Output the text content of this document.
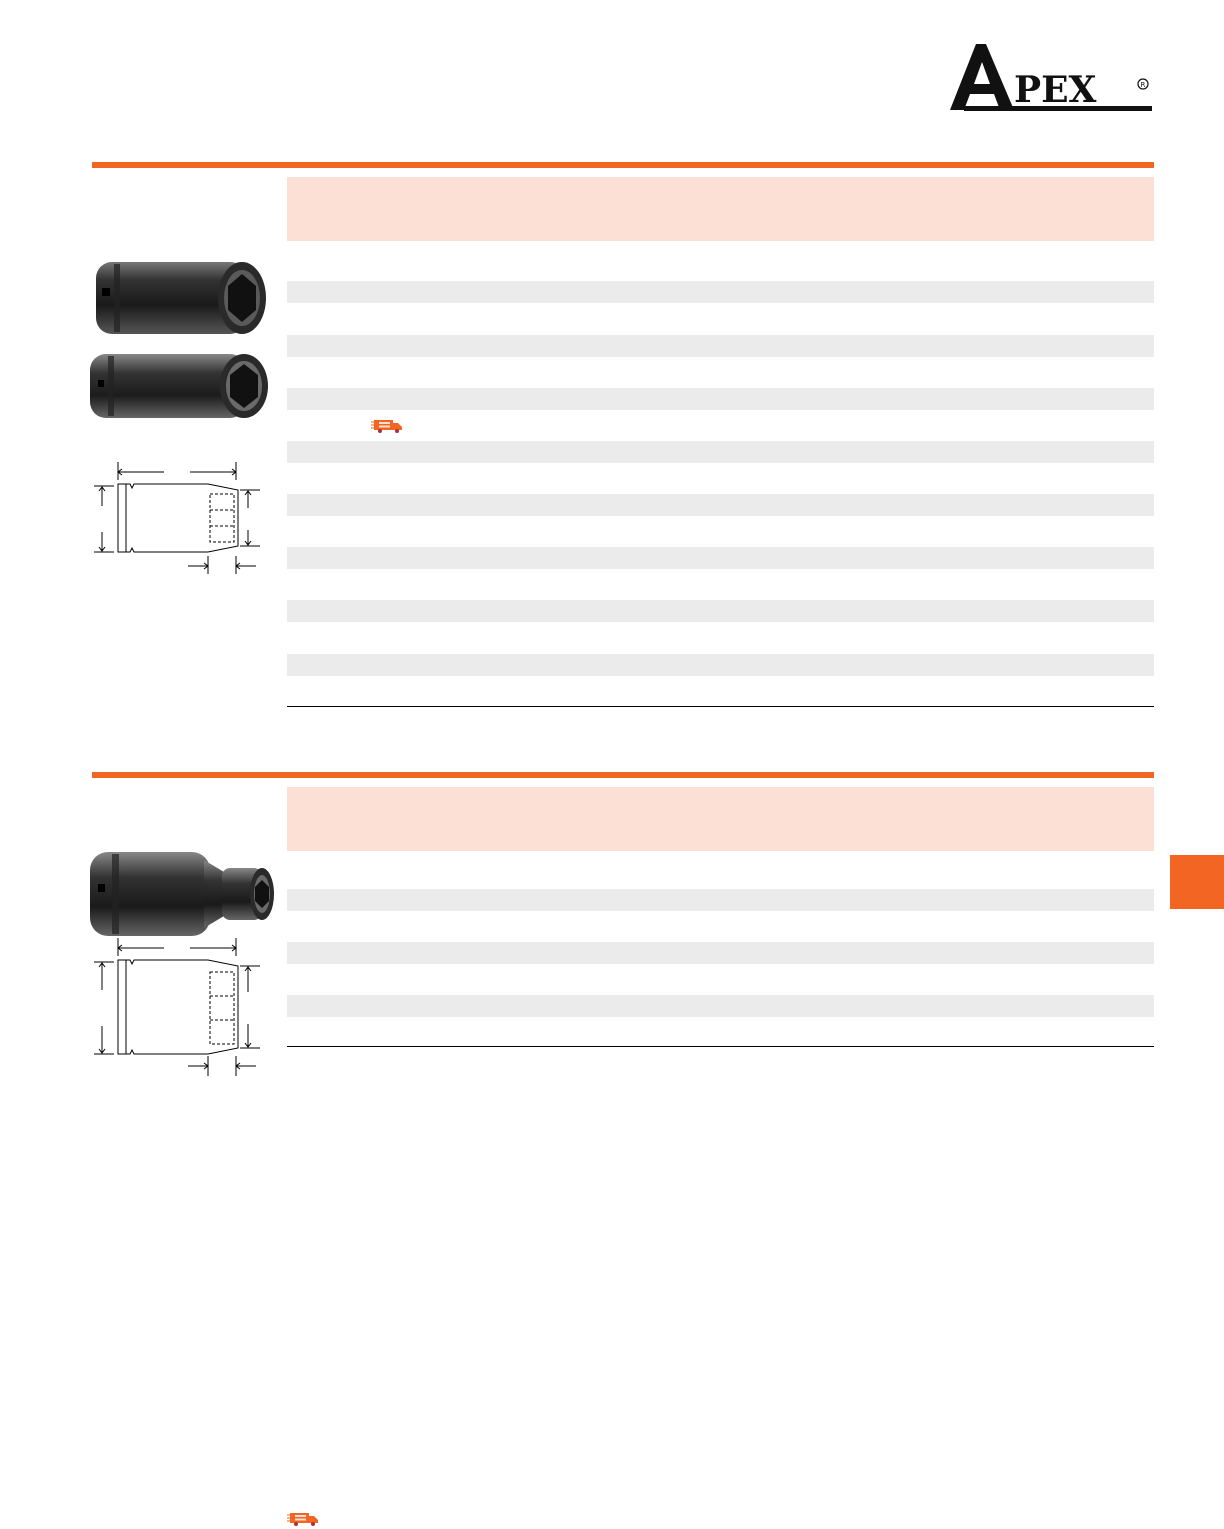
PEX	R
